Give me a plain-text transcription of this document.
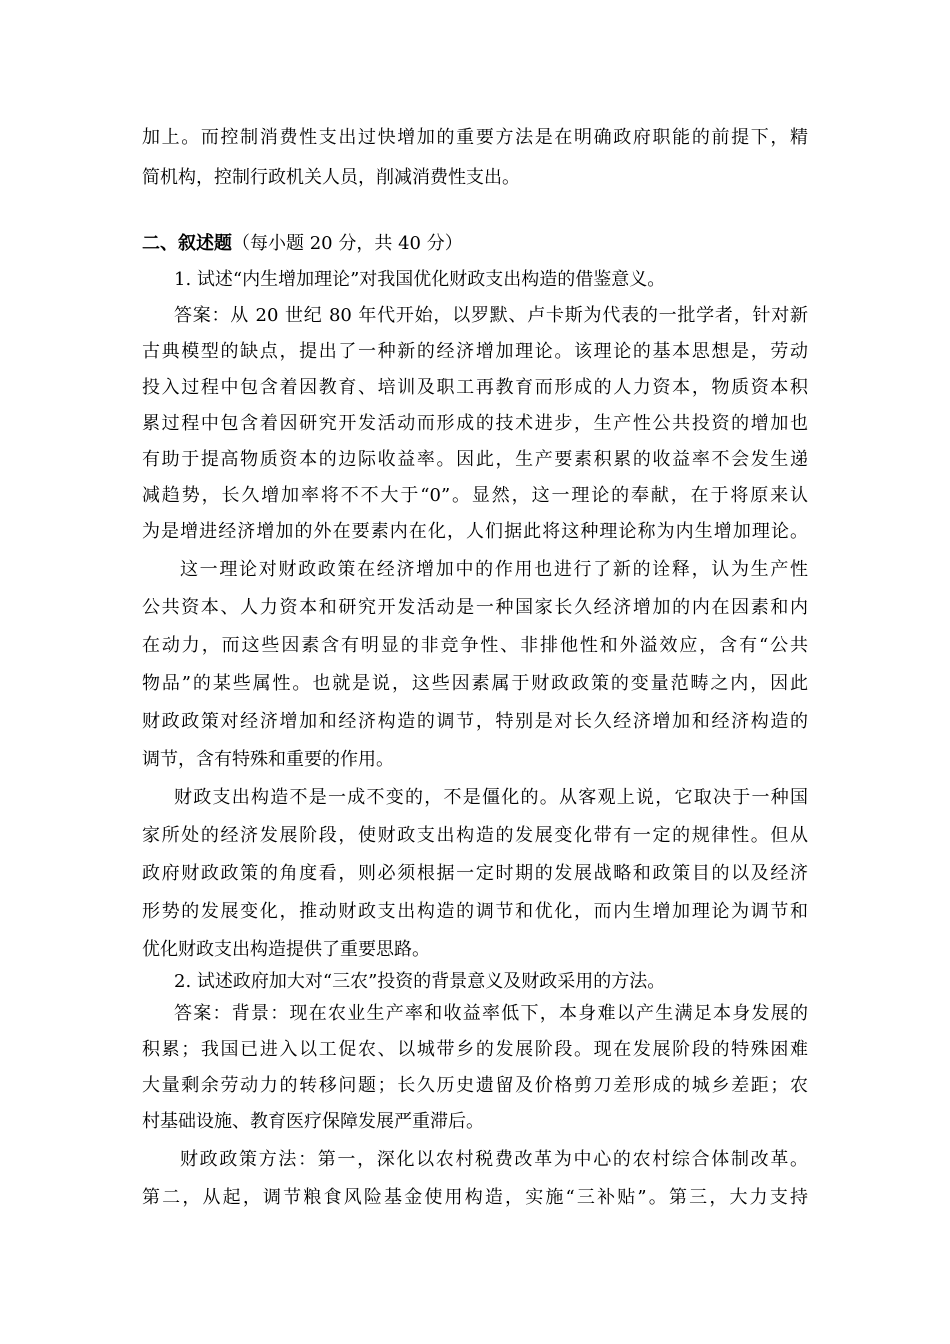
加上。而控制消费性支出过快增加的重要方法是在明确政府职能的前提下，精
简机构，控制行政机关人员，削减消费性支出。
二、叙述题（每小题 20 分，共 40 分）
1. 试述“内生增加理论”对我国优化财政支出构造的借鉴意义。
答案：从 20 世纪 80 年代开始，以罗默、卢卡斯为代表的一批学者，针对新
古典模型的缺点，提出了一种新的经济增加理论。该理论的基本思想是，劳动
投入过程中包含着因教育、培训及职工再教育而形成的人力资本，物质资本积
累过程中包含着因研究开发活动而形成的技术进步，生产性公共投资的增加也
有助于提高物质资本的边际收益率。因此，生产要素积累的收益率不会发生递
减趋势，长久增加率将不不大于“0”。显然，这一理论的奉献，在于将原来认
为是增进经济增加的外在要素内在化，人们据此将这种理论称为内生增加理论。
这一理论对财政政策在经济增加中的作用也进行了新的诠释，认为生产性
公共资本、人力资本和研究开发活动是一种国家长久经济增加的内在因素和内
在动力，而这些因素含有明显的非竞争性、非排他性和外溢效应，含有“公共
物品”的某些属性。也就是说，这些因素属于财政政策的变量范畴之内，因此
财政政策对经济增加和经济构造的调节，特别是对长久经济增加和经济构造的
调节，含有特殊和重要的作用。
财政支出构造不是一成不变的，不是僵化的。从客观上说，它取决于一种国
家所处的经济发展阶段，使财政支出构造的发展变化带有一定的规律性。但从
政府财政政策的角度看，则必须根据一定时期的发展战略和政策目的以及经济
形势的发展变化，推动财政支出构造的调节和优化，而内生增加理论为调节和
优化财政支出构造提供了重要思路。
2. 试述政府加大对“三农”投资的背景意义及财政采用的方法。
答案：背景：现在农业生产率和收益率低下，本身难以产生满足本身发展的
积累；我国已进入以工促农、以城带乡的发展阶段。现在发展阶段的特殊困难
大量剩余劳动力的转移问题；长久历史遗留及价格剪刀差形成的城乡差距；农
村基础设施、教育医疗保障发展严重滞后。
财政政策方法：第一，深化以农村税费改革为中心的农村综合体制改革。
第二，从起，调节粮食风险基金使用构造，实施“三补贴”。第三，大力支持
